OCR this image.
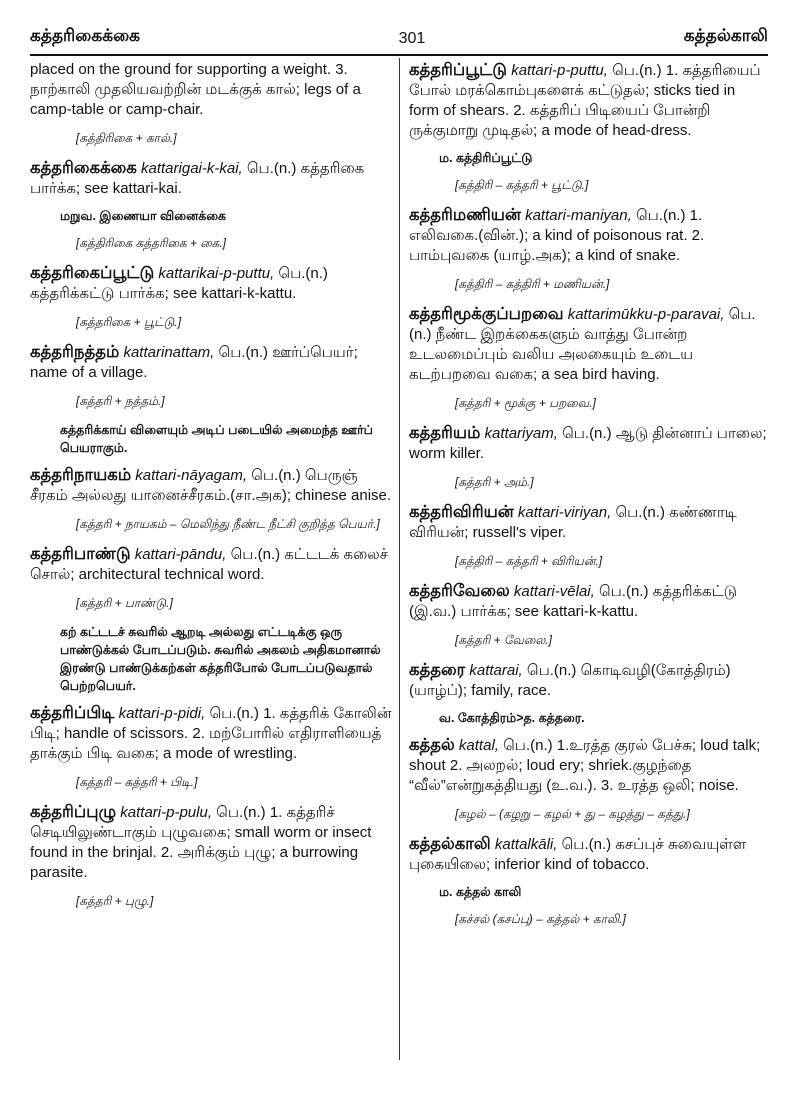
கத்தரிகைக்கை	301	கத்தல்காலி
placed on the ground for supporting a weight. 3. நாற்காலி முதலியவற்றின் மடக்குக் கால்; legs of a camp-table or camp-chair.
[கத்திரிகை + கால்.]
கத்தரிகைக்கை kattarigai-k-kai, பெ.(n.) கத்தரிகை பார்க்க; see kattari-kai.
மறுவ. இணையா வினைக்கை
[கத்திரிகை கத்தரிகை + கை.]
கத்தரிகைப்பூட்டு kattarikai-p-puttu, பெ.(n.) கத்தரிக்கட்டு பார்க்க; see kattari-k-kattu.
[கத்தரிகை + பூட்டு.]
கத்தரிநத்தம் kattarinattam, பெ.(n.) ஊர்ப்பெயர்; name of a village.
[கத்தரி + நத்தம்.]
கத்தரிக்காய் விளையும் அடிப் படையில் அமைந்த ஊர்ப் பெயராகும்.
கத்தரிநாயகம் kattari-nāyagam, பெ.(n.) பெருஞ் சீரகம் அல்லது யானைச்சீரகம்.(சா.அக); chinese anise.
[கத்தரி + நாயகம் – மெலிந்து நீண்ட நீட்சி குறித்த பெயர்.]
கத்தரிபாண்டு kattari-pāndu, பெ.(n.) கட்டடக் கலைச் சொல்; architectural technical word.
[கத்தரி + பாண்டு.]
கற் கட்டடச் சுவரில் ஆறடி அல்லது எட்டடிக்கு ஒரு பாண்டுக்கல் போடப்படும். சுவரில் அகலம் அதிகமானால் இரண்டு பாண்டுக்கற்கள் கத்தரிபோல் போடப்படுவதால் பெற்றபெயர்.
கத்தரிப்பிடி kattari-p-pidi, பெ.(n.) 1. கத்தரிக் கோலின் பிடி; handle of scissors. 2. மற்போரில் எதிராளியைத் தாக்கும் பிடி வகை; a mode of wrestling.
[கத்தரி – கத்தரி + பிடி.]
கத்தரிப்புழு kattari-p-pulu, பெ.(n.) 1. கத்தரிச் செடியிலுண்டாகும் புழுவகை; small worm or insect found in the brinjal. 2. அரிக்கும் புழு; a burrowing parasite.
[கத்தரி + புழு.]
கத்தரிப்பூட்டு kattari-p-puttu, பெ.(n.) 1. கத்தரியைப் போல் மரக்கொம்புகளைக் கட்டுதல்; sticks tied in form of shears. 2. கத்தரிப் பிடியைப் போன்றி ருக்குமாறு முடிதல்; a mode of head-dress.
ம. கத்திரிப்பூட்டு
[கத்திரி – கத்தரி + பூட்டு.]
கத்தரிமணியன் kattari-maniyan, பெ.(n.) 1. எலிவகை.(வின்.); a kind of poisonous rat. 2. பாம்புவகை (யாழ்.அக); a kind of snake.
[கத்திரி – கத்திரி + மணியன்.]
கத்தரிமூக்குப்பறவை kattarimūkku-p-paravai, பெ.(n.) நீண்ட இறக்கைகளும் வாத்து போன்ற உடலமைப்பும் வலிய அலகையும் உடைய கடற்பறவை வகை; a sea bird having.
[கத்தரி + மூக்கு + பறவை.]
கத்தரியம் kattariyam, பெ.(n.) ஆடு தின்னாப் பாலை; worm killer.
[கத்தரி + அம்.]
கத்தரிவிரியன் kattari-viriyan, பெ.(n.) கண்ணாடி விரியன்; russell's viper.
[கத்திரி – கத்தரி + விரியன்.]
கத்தரிவேலை kattari-vēlai, பெ.(n.) கத்தரிக்கட்டு (இ.வ.) பார்க்க; see kattari-k-kattu.
[கத்தரி + வேலை.]
கத்தரை kattarai, பெ.(n.) கொடிவழி(கோத்திரம்) (யாழ்ப்); family, race.
வ. கோத்திரம்>த. கத்தரை.
கத்தல் kattal, பெ.(n.) 1.உரத்த குரல் பேச்சு; loud talk; shout 2. அலறல்; loud ery; shriek.குழந்தை “வீல்”என்றுகத்தியது (உ.வ.). 3. உரத்த ஒலி; noise.
[கழல் – (கழறு – கழல் + து – கழத்து – கத்து.]
கத்தல்காலி kattalkāli, பெ.(n.) கசப்புச் சுவையுள்ள புகையிலை; inferior kind of tobacco.
ம. கத்தல் காலி
[கச்சல் (கசப்பு) – கத்தல் + காலி.]
